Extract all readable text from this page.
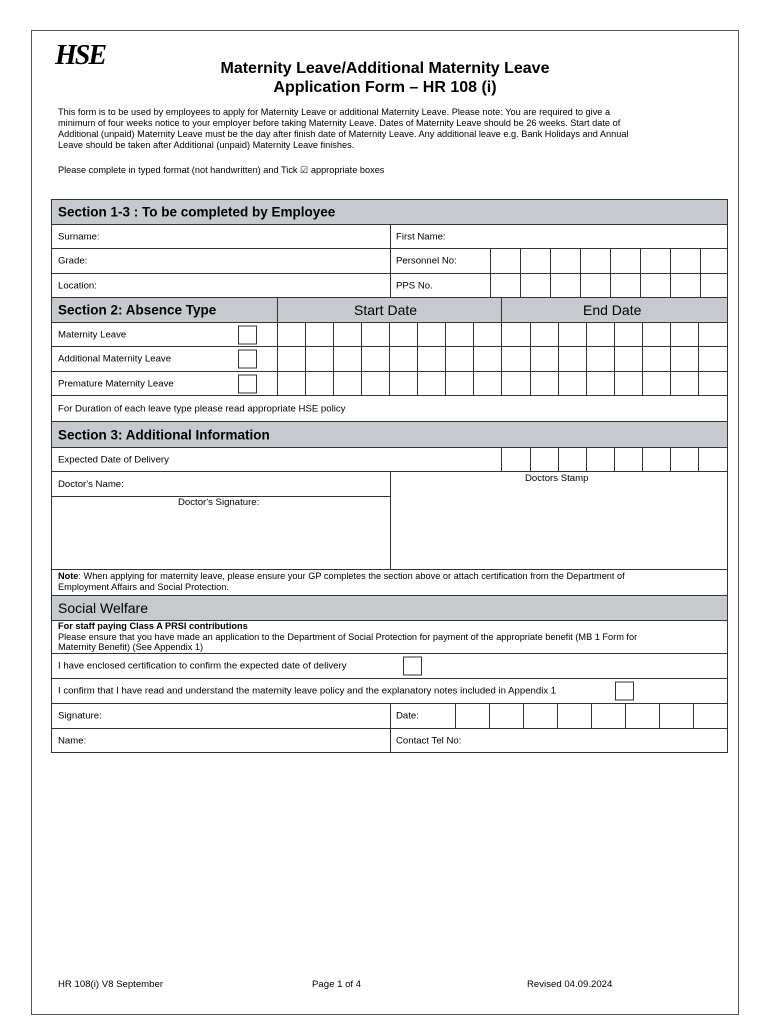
HSE	Maternity Leave/Additional Maternity Leave
Application Form – HR 108 (i)
This form is to be used by employees to apply for Maternity Leave or additional Maternity Leave. Please note: You are required to give a
minimum of four weeks notice to your employer before taking Maternity Leave. Dates of Maternity Leave should be 26 weeks. Start date of
Additional (unpaid) Maternity Leave must be the day after finish date of Maternity Leave. Any additional leave e.g. Bank Holidays and Annual
Leave should be taken after Additional (unpaid) Maternity Leave finishes.
Please complete in typed format (not handwritten) and Tick ☑ appropriate boxes
Section 1-3 : To be completed by Employee
Surname:	First Name:
Grade:	Personnel No:
Location:	PPS No.
Section 2: Absence Type	Start Date	End Date
Maternity Leave
Additional Maternity Leave
Premature Maternity Leave
For Duration of each leave type please read appropriate HSE policy
Section 3: Additional Information
Expected Date of Delivery
Doctor's Name:
Doctor's Signature:
Doctors Stamp
Note: When applying for maternity leave, please ensure your GP completes the section above or attach certification from the Department of
Employment Affairs and Social Protection.
Social Welfare
For staff paying Class A PRSI contributions
Please ensure that you have made an application to the Department of Social Protection for payment of the appropriate benefit (MB 1 Form for
Maternity Benefit) (See Appendix 1)
I have enclosed certification to confirm the expected date of delivery
I confirm that I have read and understand the maternity leave policy and the explanatory notes included in Appendix 1
Signature:	Date:
Name:	Contact Tel No:
HR 108(i) V8 September	Page 1 of 4	Revised 04.09.2024
